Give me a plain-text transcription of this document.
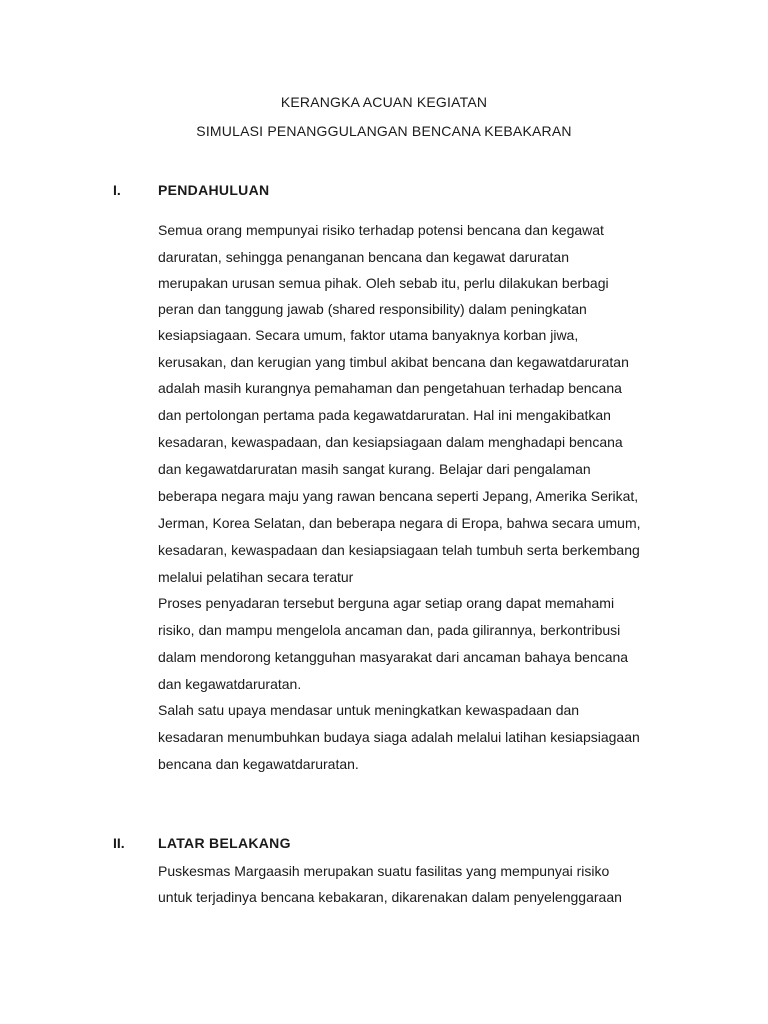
KERANGKA ACUAN KEGIATAN
SIMULASI PENANGGULANGAN BENCANA KEBAKARAN
I.	PENDAHULUAN
Semua orang mempunyai risiko terhadap potensi bencana dan kegawat
daruratan, sehingga penanganan bencana dan kegawat daruratan
merupakan urusan semua pihak. Oleh sebab itu, perlu dilakukan berbagi
peran dan tanggung jawab (shared responsibility) dalam peningkatan
kesiapsiagaan. Secara umum, faktor utama banyaknya korban jiwa,
kerusakan, dan kerugian yang timbul akibat bencana dan kegawatdaruratan
adalah masih kurangnya pemahaman dan pengetahuan terhadap bencana
dan pertolongan pertama pada kegawatdaruratan. Hal ini mengakibatkan
kesadaran, kewaspadaan, dan kesiapsiagaan dalam menghadapi bencana
dan kegawatdaruratan masih sangat kurang. Belajar dari pengalaman
beberapa negara maju yang rawan bencana seperti Jepang, Amerika Serikat,
Jerman, Korea Selatan, dan beberapa negara di Eropa, bahwa secara umum,
kesadaran, kewaspadaan dan kesiapsiagaan telah tumbuh serta berkembang
melalui pelatihan secara teratur
Proses penyadaran tersebut berguna agar setiap orang dapat memahami
risiko, dan mampu mengelola ancaman dan, pada gilirannya, berkontribusi
dalam mendorong ketangguhan masyarakat dari ancaman bahaya bencana
dan kegawatdaruratan.
Salah satu upaya mendasar untuk meningkatkan kewaspadaan dan
kesadaran menumbuhkan budaya siaga adalah melalui latihan kesiapsiagaan
bencana dan kegawatdaruratan.
II. LATAR BELAKANG
Puskesmas Margaasih merupakan suatu fasilitas yang mempunyai risiko
untuk terjadinya bencana kebakaran, dikarenakan dalam penyelenggaraan
